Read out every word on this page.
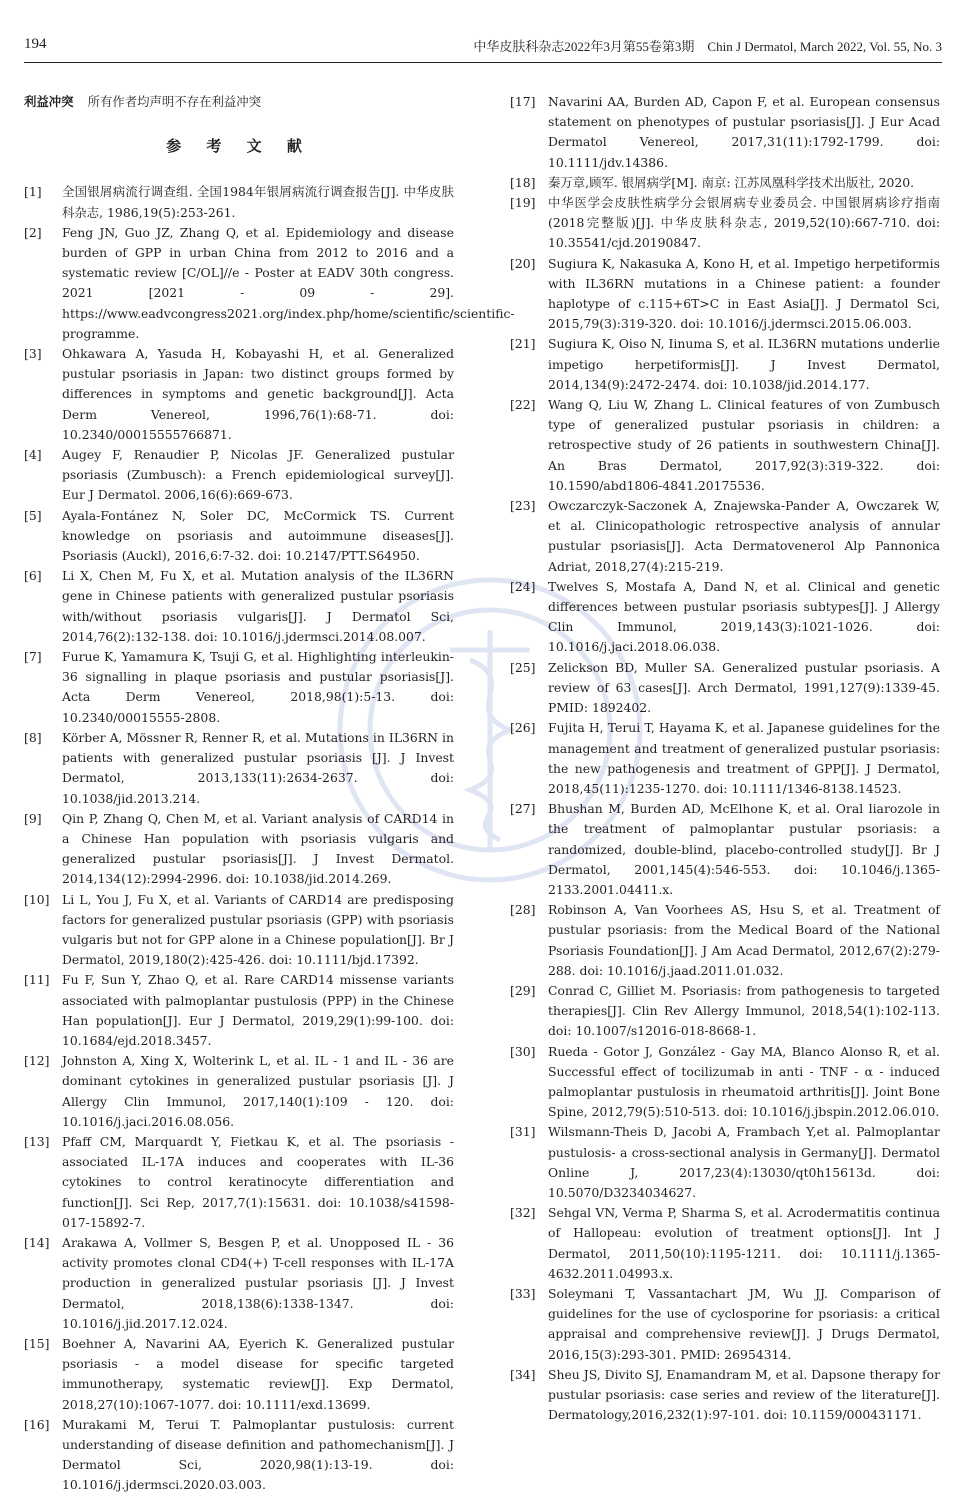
194	中华皮肤科杂志2022年3月第55卷第3期　Chin J Dermatol, March 2022, Vol. 55, No. 3

利益冲突 所有作者均声明不存在利益冲突

参 考 文 献
[1] 全国银屑病流行调查组. 全国1984年银屑病流行调查报告[J]. 中华皮肤科杂志, 1986,19(5):253-261.
[2] Feng JN, Guo JZ, Zhang Q, et al. Epidemiology and disease burden of GPP in urban China from 2012 to 2016 and a systematic review [C/OL]//e - Poster at EADV 30th congress. 2021 [2021 - 09 - 29]. https://www.eadvcongress2021.org/index.php/home/scientific/scientific-programme.
[3] Ohkawara A, Yasuda H, Kobayashi H, et al. Generalized pustular psoriasis in Japan: two distinct groups formed by differences in symptoms and genetic background[J]. Acta Derm Venereol, 1996,76(1):68-71. doi: 10.2340/00015555766871.
[4] Augey F, Renaudier P, Nicolas JF. Generalized pustular psoriasis (Zumbusch): a French epidemiological survey[J]. Eur J Dermatol. 2006,16(6):669-673.
[5] Ayala-Fontánez N, Soler DC, McCormick TS. Current knowledge on psoriasis and autoimmune diseases[J]. Psoriasis (Auckl), 2016,6:7-32. doi: 10.2147/PTT.S64950.
[6] Li X, Chen M, Fu X, et al. Mutation analysis of the IL36RN gene in Chinese patients with generalized pustular psoriasis with/without psoriasis vulgaris[J]. J Dermatol Sci, 2014,76(2):132-138. doi: 10.1016/j.jdermsci.2014.08.007.
[7] Furue K, Yamamura K, Tsuji G, et al. Highlighting interleukin-36 signalling in plaque psoriasis and pustular psoriasis[J]. Acta Derm Venereol, 2018,98(1):5-13. doi: 10.2340/00015555-2808.
[8] Körber A, Mössner R, Renner R, et al. Mutations in IL36RN in patients with generalized pustular psoriasis [J]. J Invest Dermatol, 2013,133(11):2634-2637. doi: 10.1038/jid.2013.214.
[9] Qin P, Zhang Q, Chen M, et al. Variant analysis of CARD14 in a Chinese Han population with psoriasis vulgaris and generalized pustular psoriasis[J]. J Invest Dermatol. 2014,134(12):2994-2996. doi: 10.1038/jid.2014.269.
[10] Li L, You J, Fu X, et al. Variants of CARD14 are predisposing factors for generalized pustular psoriasis (GPP) with psoriasis vulgaris but not for GPP alone in a Chinese population[J]. Br J Dermatol, 2019,180(2):425-426. doi: 10.1111/bjd.17392.
[11] Fu F, Sun Y, Zhao Q, et al. Rare CARD14 missense variants associated with palmoplantar pustulosis (PPP) in the Chinese Han population[J]. Eur J Dermatol, 2019,29(1):99-100. doi: 10.1684/ejd.2018.3457.
[12] Johnston A, Xing X, Wolterink L, et al. IL - 1 and IL - 36 are dominant cytokines in generalized pustular psoriasis [J]. J Allergy Clin Immunol, 2017,140(1):109 - 120. doi: 10.1016/j.jaci.2016.08.056.
[13] Pfaff CM, Marquardt Y, Fietkau K, et al. The psoriasis - associated IL-17A induces and cooperates with IL-36 cytokines to control keratinocyte differentiation and function[J]. Sci Rep, 2017,7(1):15631. doi: 10.1038/s41598-017-15892-7.
[14] Arakawa A, Vollmer S, Besgen P, et al. Unopposed IL - 36 activity promotes clonal CD4(+) T-cell responses with IL-17A production in generalized pustular psoriasis [J]. J Invest Dermatol, 2018,138(6):1338-1347. doi: 10.1016/j.jid.2017.12.024.
[15] Boehner A, Navarini AA, Eyerich K. Generalized pustular psoriasis - a model disease for specific targeted immunotherapy, systematic review[J]. Exp Dermatol, 2018,27(10):1067-1077. doi: 10.1111/exd.13699.
[16] Murakami M, Terui T. Palmoplantar pustulosis: current understanding of disease definition and pathomechanism[J]. J Dermatol Sci, 2020,98(1):13-19. doi: 10.1016/j.jdermsci.2020.03.003.
[17] Navarini AA, Burden AD, Capon F, et al. European consensus statement on phenotypes of pustular psoriasis[J]. J Eur Acad Dermatol Venereol, 2017,31(11):1792-1799. doi: 10.1111/jdv.14386.
[18] 秦万章,顾军. 银屑病学[M]. 南京: 江苏凤凰科学技术出版社, 2020.
[19] 中华医学会皮肤性病学分会银屑病专业委员会. 中国银屑病诊疗指南(2018完整版)[J]. 中华皮肤科杂志, 2019,52(10):667-710. doi: 10.35541/cjd.20190847.
[20] Sugiura K, Nakasuka A, Kono H, et al. Impetigo herpetiformis with IL36RN mutations in a Chinese patient: a founder haplotype of c.115+6T>C in East Asia[J]. J Dermatol Sci, 2015,79(3):319-320. doi: 10.1016/j.jdermsci.2015.06.003.
[21] Sugiura K, Oiso N, Iinuma S, et al. IL36RN mutations underlie impetigo herpetiformis[J]. J Invest Dermatol, 2014,134(9):2472-2474. doi: 10.1038/jid.2014.177.
[22] Wang Q, Liu W, Zhang L. Clinical features of von Zumbusch type of generalized pustular psoriasis in children: a retrospective study of 26 patients in southwestern China[J]. An Bras Dermatol, 2017,92(3):319-322. doi: 10.1590/abd1806-4841.20175536.
[23] Owczarczyk-Saczonek A, Znajewska-Pander A, Owczarek W, et al. Clinicopathologic retrospective analysis of annular pustular psoriasis[J]. Acta Dermatovenerol Alp Pannonica Adriat, 2018,27(4):215-219.
[24] Twelves S, Mostafa A, Dand N, et al. Clinical and genetic differences between pustular psoriasis subtypes[J]. J Allergy Clin Immunol, 2019,143(3):1021-1026. doi: 10.1016/j.jaci.2018.06.038.
[25] Zelickson BD, Muller SA. Generalized pustular psoriasis. A review of 63 cases[J]. Arch Dermatol, 1991,127(9):1339-45. PMID: 1892402.
[26] Fujita H, Terui T, Hayama K, et al. Japanese guidelines for the management and treatment of generalized pustular psoriasis: the new pathogenesis and treatment of GPP[J]. J Dermatol, 2018,45(11):1235-1270. doi: 10.1111/1346-8138.14523.
[27] Bhushan M, Burden AD, McElhone K, et al. Oral liarozole in the treatment of palmoplantar pustular psoriasis: a randomized, double-blind, placebo-controlled study[J]. Br J Dermatol, 2001,145(4):546-553. doi: 10.1046/j.1365-2133.2001.04411.x.
[28] Robinson A, Van Voorhees AS, Hsu S, et al. Treatment of pustular psoriasis: from the Medical Board of the National Psoriasis Foundation[J]. J Am Acad Dermatol, 2012,67(2):279-288. doi: 10.1016/j.jaad.2011.01.032.
[29] Conrad C, Gilliet M. Psoriasis: from pathogenesis to targeted therapies[J]. Clin Rev Allergy Immunol, 2018,54(1):102-113. doi: 10.1007/s12016-018-8668-1.
[30] Rueda - Gotor J, González - Gay MA, Blanco Alonso R, et al. Successful effect of tocilizumab in anti - TNF - α - induced palmoplantar pustulosis in rheumatoid arthritis[J]. Joint Bone Spine, 2012,79(5):510-513. doi: 10.1016/j.jbspin.2012.06.010.
[31] Wilsmann-Theis D, Jacobi A, Frambach Y,et al. Palmoplantar pustulosis- a cross-sectional analysis in Germany[J]. Dermatol Online J, 2017,23(4):13030/qt0h15613d. doi: 10.5070/D3234034627.
[32] Sehgal VN, Verma P, Sharma S, et al. Acrodermatitis continua of Hallopeau: evolution of treatment options[J]. Int J Dermatol, 2011,50(10):1195-1211. doi: 10.1111/j.1365-4632.2011.04993.x.
[33] Soleymani T, Vassantachart JM, Wu JJ. Comparison of guidelines for the use of cyclosporine for psoriasis: a critical appraisal and comprehensive review[J]. J Drugs Dermatol, 2016,15(3):293-301. PMID: 26954314.
[34] Sheu JS, Divito SJ, Enamandram M, et al. Dapsone therapy for pustular psoriasis: case series and review of the literature[J]. Dermatology,2016,232(1):97-101. doi: 10.1159/000431171.
